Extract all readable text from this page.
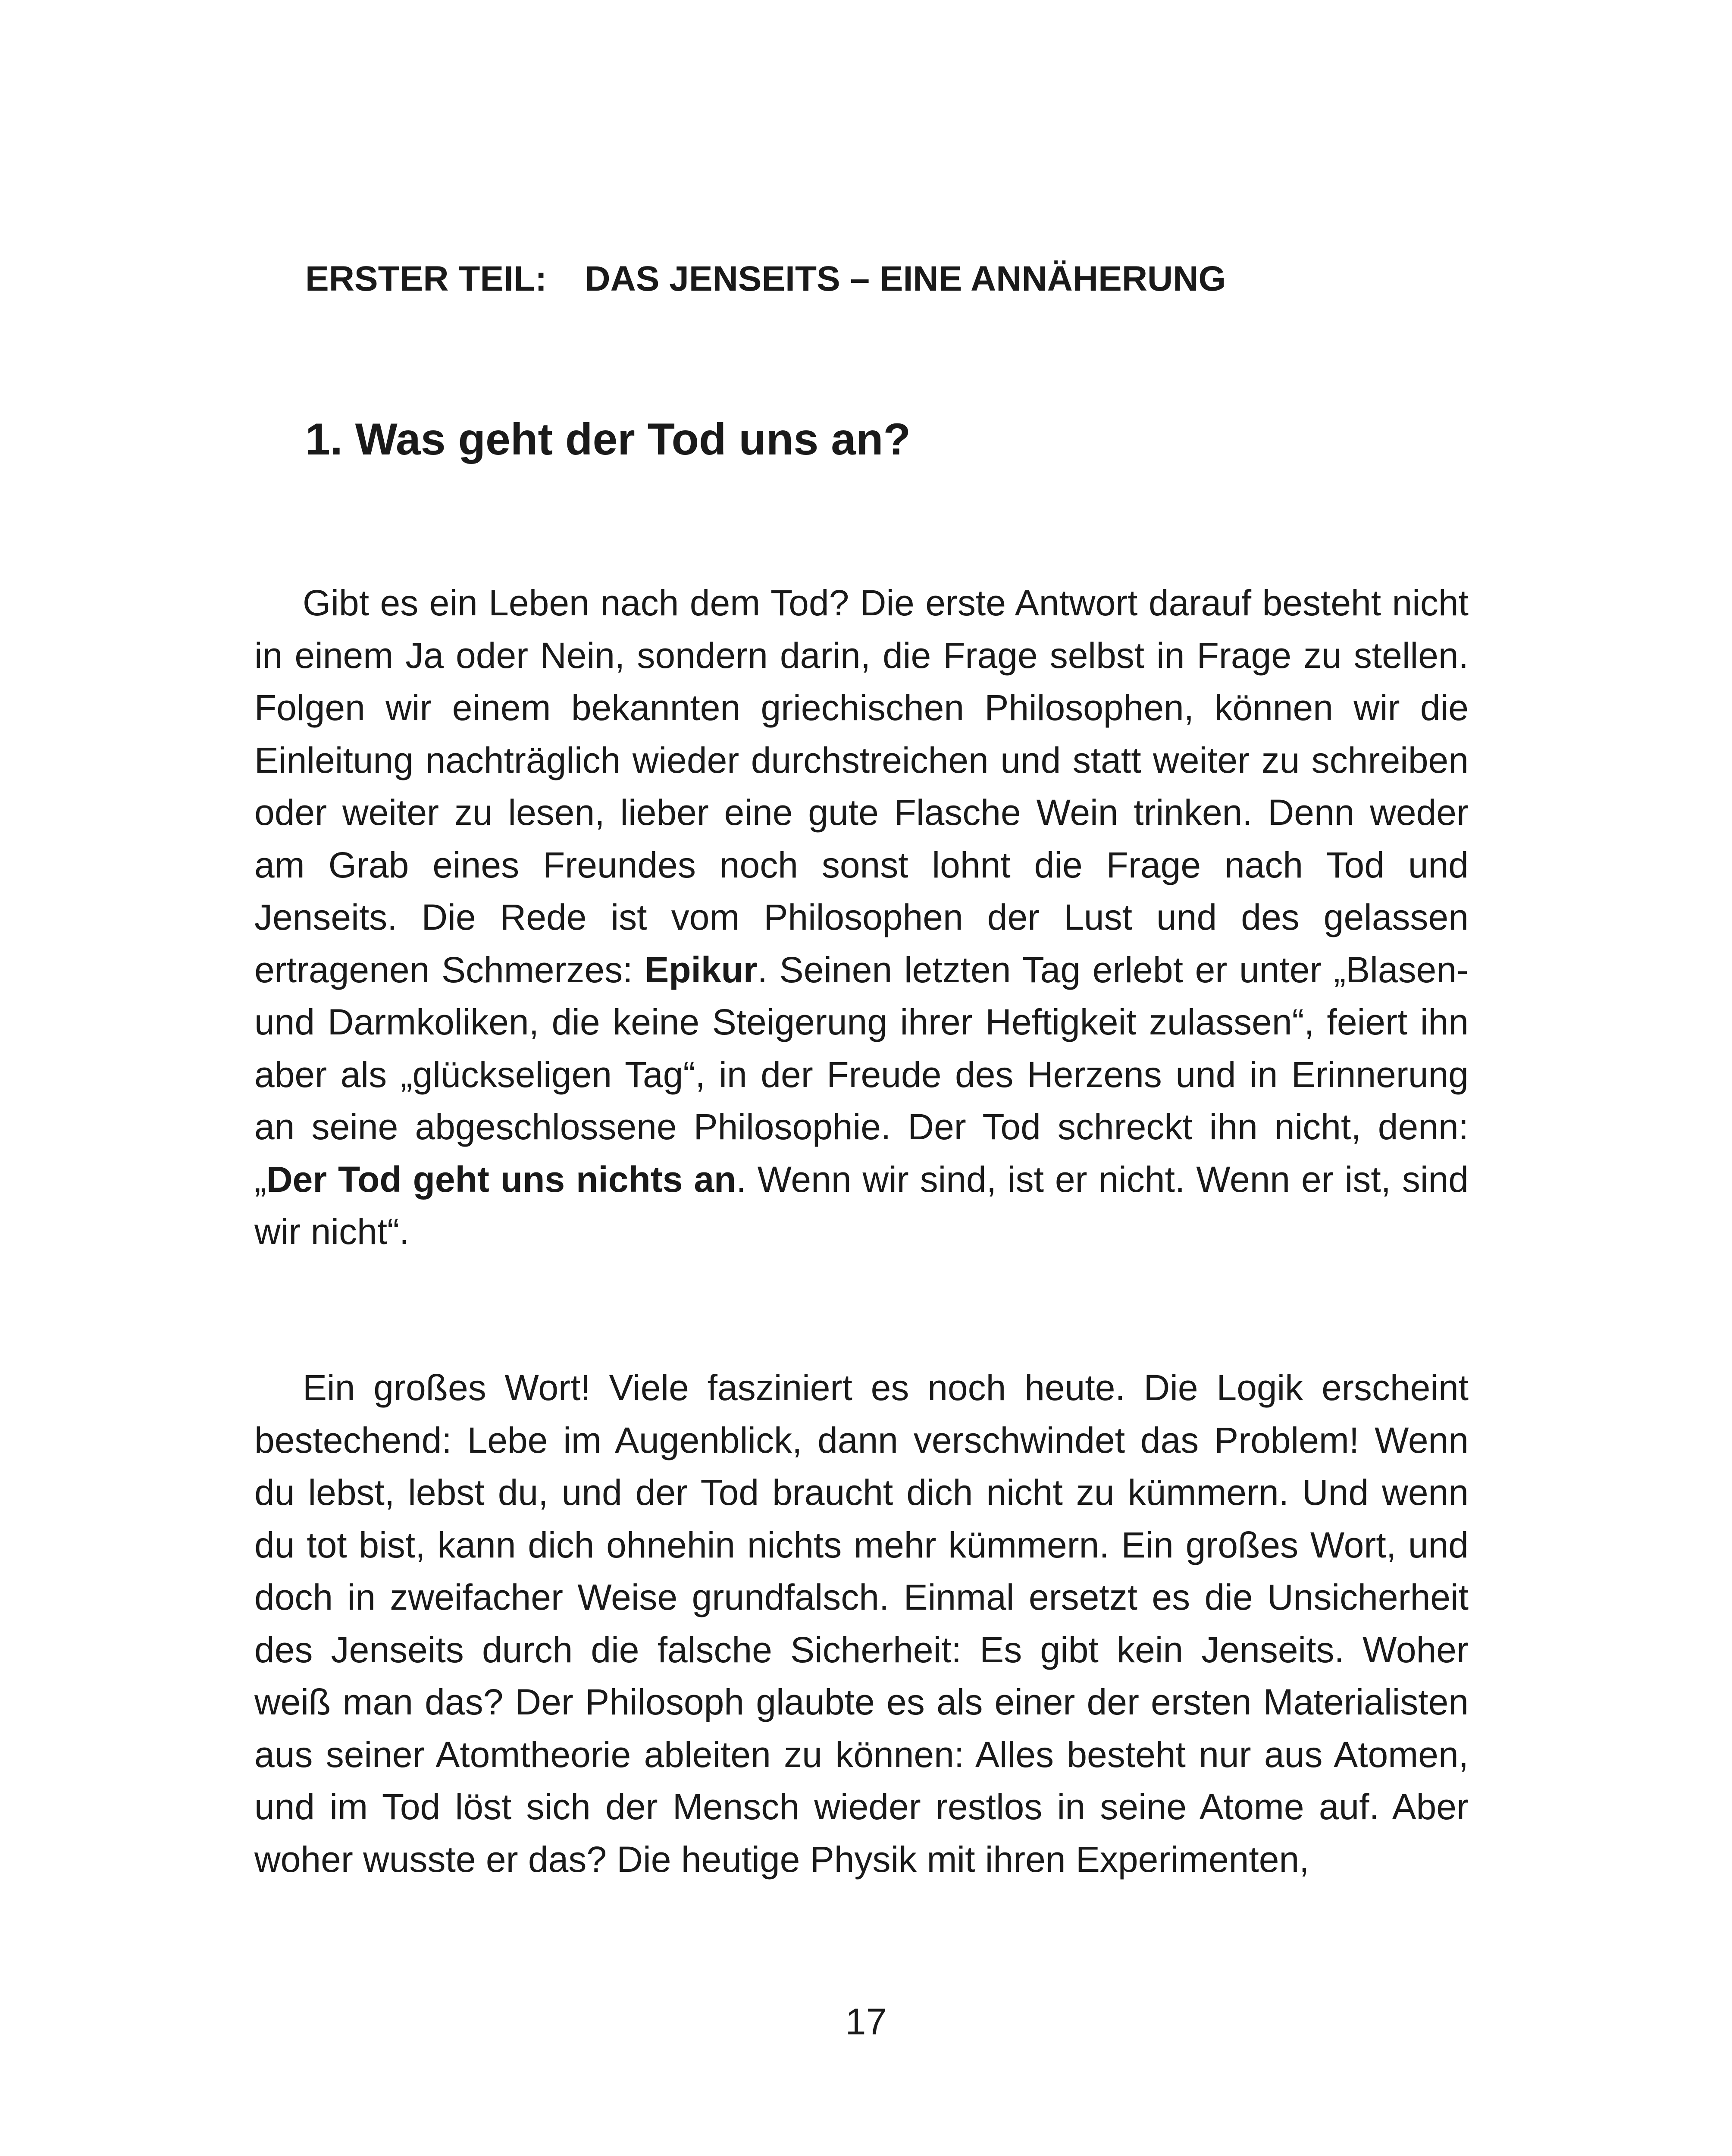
ERSTER TEIL: DAS JENSEITS – EINE ANNÄHERUNG
1. Was geht der Tod uns an?

Gibt es ein Leben nach dem Tod? Die erste Antwort darauf besteht nicht in einem Ja oder Nein, sondern darin, die Frage selbst in Frage zu stellen. Folgen wir einem bekannten griechischen Philosophen, können wir die Einleitung nachträglich wieder durchstreichen und statt weiter zu schreiben oder weiter zu lesen, lieber eine gute Flasche Wein trinken. Denn weder am Grab eines Freundes noch sonst lohnt die Frage nach Tod und Jenseits. Die Rede ist vom Philosophen der Lust und des gelassen ertragenen Schmerzes: Epikur. Seinen letzten Tag erlebt er unter „Blasen- und Darmkoliken, die keine Steigerung ihrer Heftigkeit zulassen“, feiert ihn aber als „glückseligen Tag“, in der Freude des Herzens und in Erinnerung an seine abgeschlossene Philosophie. Der Tod schreckt ihn nicht, denn: „Der Tod geht uns nichts an. Wenn wir sind, ist er nicht. Wenn er ist, sind wir nicht“.

Ein großes Wort! Viele fasziniert es noch heute. Die Logik erscheint bestechend: Lebe im Augenblick, dann verschwindet das Problem! Wenn du lebst, lebst du, und der Tod braucht dich nicht zu kümmern. Und wenn du tot bist, kann dich ohnehin nichts mehr kümmern. Ein großes Wort, und doch in zweifacher Weise grundfalsch. Einmal ersetzt es die Unsicherheit des Jenseits durch die falsche Sicherheit: Es gibt kein Jenseits. Woher weiß man das? Der Philosoph glaubte es als einer der ersten Materialisten aus seiner Atomtheorie ableiten zu können: Alles besteht nur aus Atomen, und im Tod löst sich der Mensch wieder restlos in seine Atome auf. Aber woher wusste er das? Die heutige Physik mit ihren Experimenten,

17
